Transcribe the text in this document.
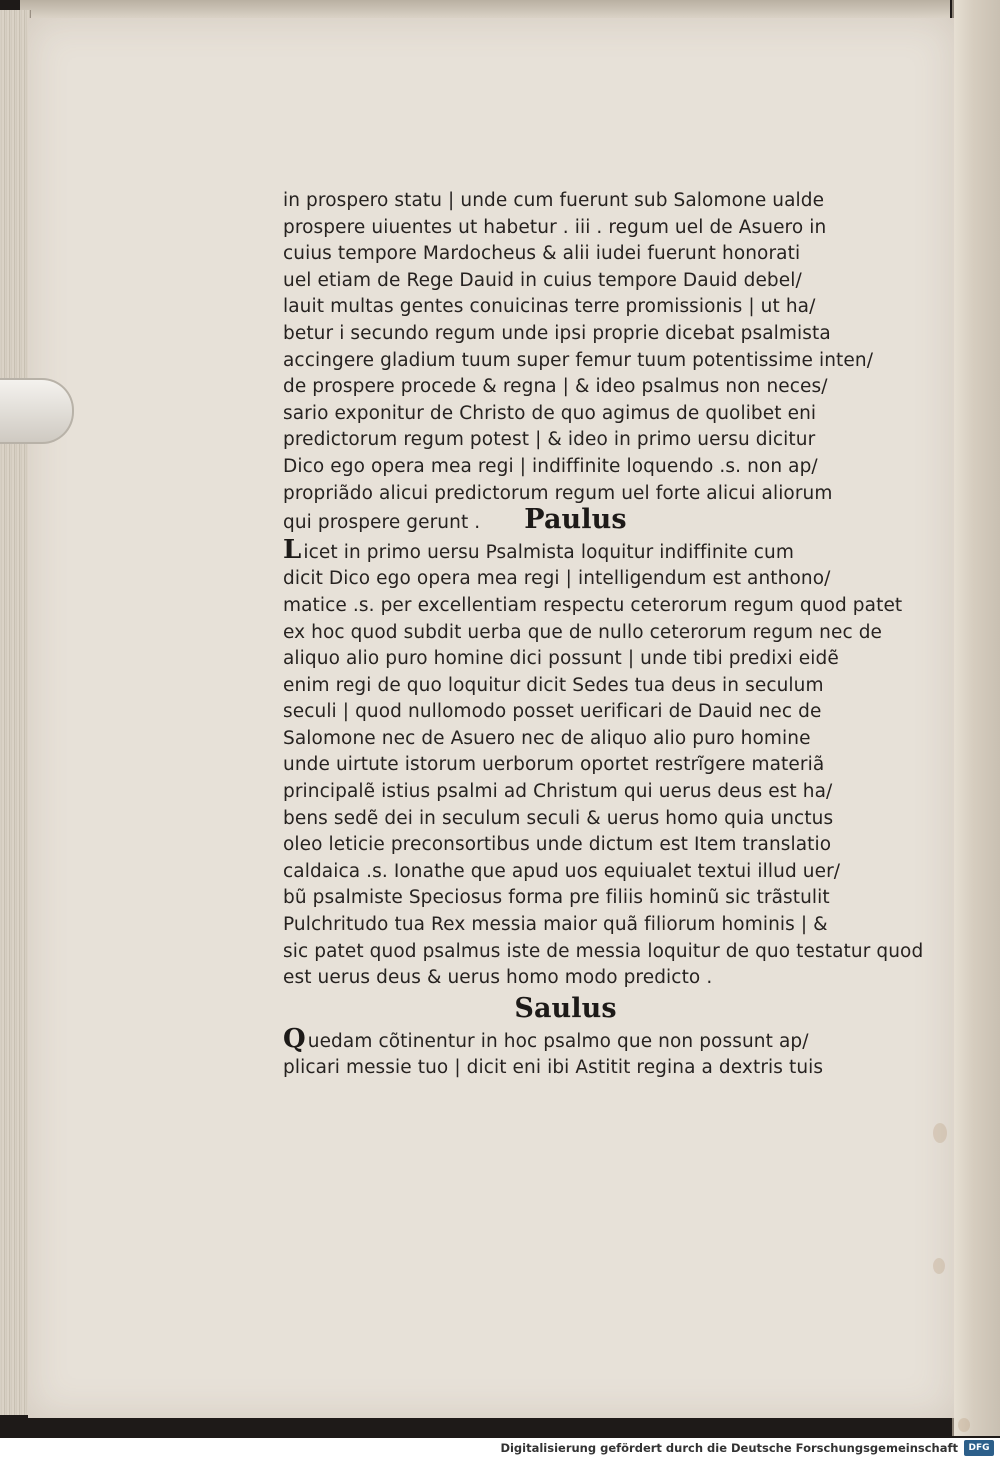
in prospero statu | unde cum fuerunt sub Salomone ualde
prospere uiuentes ut habetur . iii . regum uel de Asuero in
cuius tempore Mardocheus & alii iudei fuerunt honorati
uel etiam de Rege Dauid in cuius tempore Dauid debel/
lauit multas gentes conuicinas terre promissionis | ut ha/
betur i secundo regum unde ipsi proprie dicebat psalmista
accingere gladium tuum super femur tuum potentissime inten/
de prospere procede & regna | & ideo psalmus non neces/
sario exponitur de Christo de quo agimus de quolibet eni
predictorum regum potest | & ideo in primo uersu dicitur
Dico ego opera mea regi | indiffinite loquendo .s. non ap/
propriãdo alicui predictorum regum uel forte alicui aliorum
qui prospere gerunt . Paulus
L icet in primo uersu Psalmista loquitur indiffinite cum
dicit Dico ego opera mea regi | intelligendum est anthono/
matice .s. per excellentiam respectu ceterorum regum quod patet
ex hoc quod subdit uerba que de nullo ceterorum regum nec de
aliquo alio puro homine dici possunt | unde tibi predixi eidẽ
enim regi de quo loquitur dicit Sedes tua deus in seculum
seculi | quod nullomodo posset uerificari de Dauid nec de
Salomone nec de Asuero nec de aliquo alio puro homine
unde uirtute istorum uerborum oportet restrĩgere materiã
principalẽ istius psalmi ad Christum qui uerus deus est ha/
bens sedẽ dei in seculum seculi & uerus homo quia unctus
oleo leticie preconsortibus unde dictum est Item translatio
caldaica .s. Ionathe que apud uos equiualet textui illud uer/
bũ psalmiste Speciosus forma pre filiis hominũ sic trãstulit
Pulchritudo tua Rex messia maior quã filiorum hominis | &
sic patet quod psalmus iste de messia loquitur de quo testatur quod
est uerus deus & uerus homo modo predicto .
Saulus
Q uedam cõtinentur in hoc psalmo que non possunt ap/
plicari messie tuo | dicit eni ibi Astitit regina a dextris tuis
Digitalisierung gefördert durch die Deutsche Forschungsgemeinschaft	DFG
